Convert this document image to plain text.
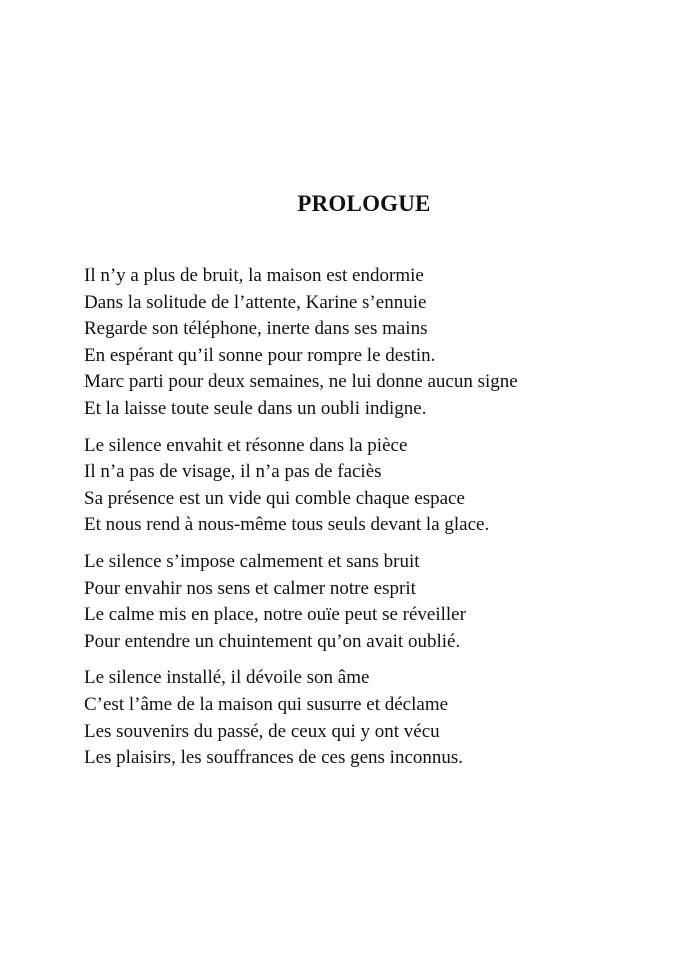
PROLOGUE
Il n’y a plus de bruit, la maison est endormie
Dans la solitude de l’attente, Karine s’ennuie
Regarde son téléphone, inerte dans ses mains
En espérant qu’il sonne pour rompre le destin.
Marc parti pour deux semaines, ne lui donne aucun signe
Et la laisse toute seule dans un oubli indigne.
Le silence envahit et résonne dans la pièce
Il n’a pas de visage, il n’a pas de faciès
Sa présence est un vide qui comble chaque espace
Et nous rend à nous-même tous seuls devant la glace.
Le silence s’impose calmement et sans bruit
Pour envahir nos sens et calmer notre esprit
Le calme mis en place, notre ouïe peut se réveiller
Pour entendre un chuintement qu’on avait oublié.
Le silence installé, il dévoile son âme
C’est l’âme de la maison qui susurre et déclame
Les souvenirs du passé, de ceux qui y ont vécu
Les plaisirs, les souffrances de ces gens inconnus.
